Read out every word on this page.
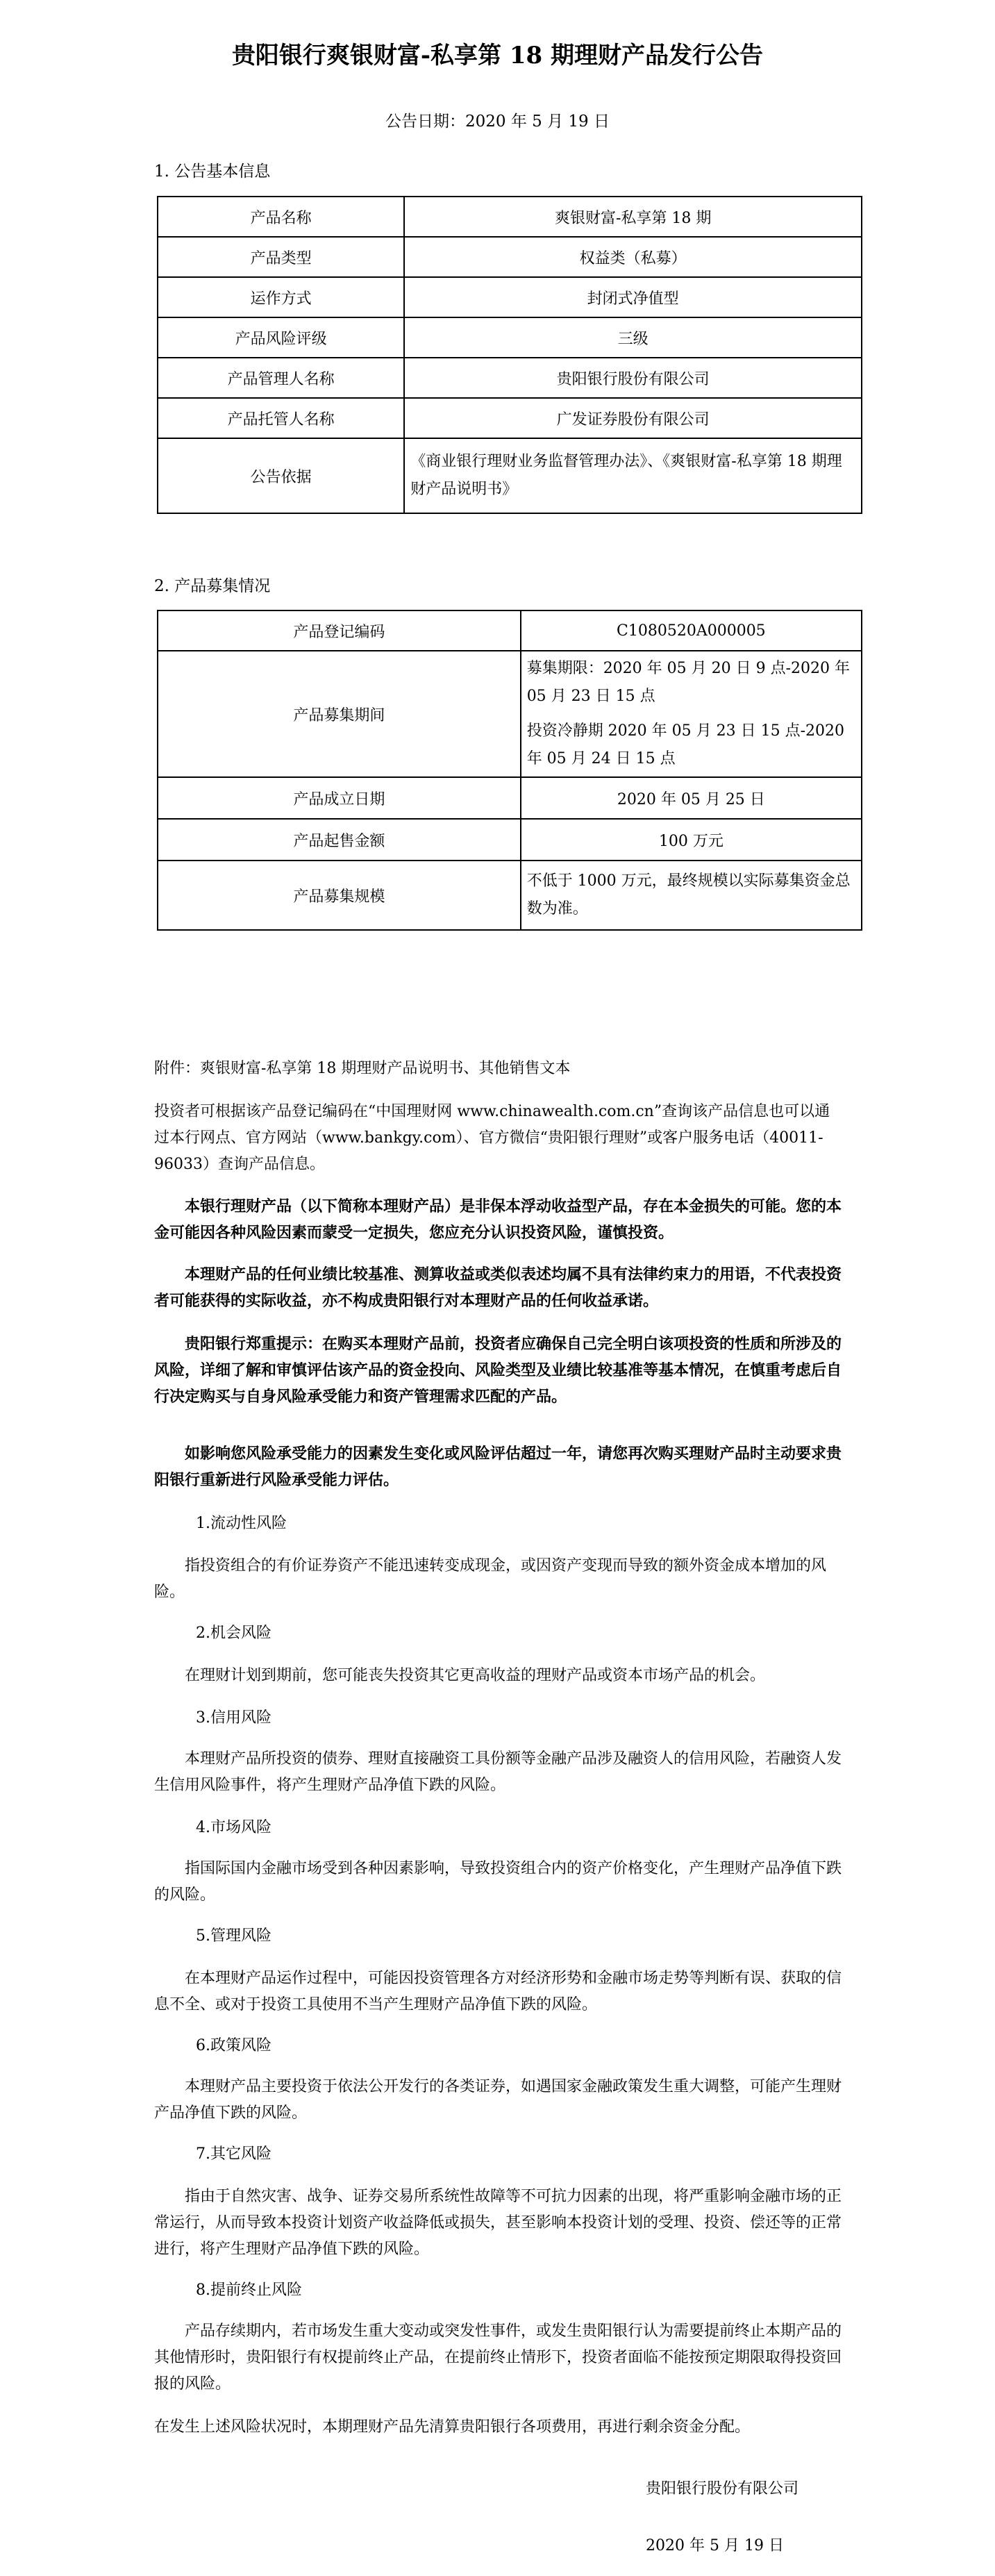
贵阳银行爽银财富-私享第 18 期理财产品发行公告
公告日期：2020 年 5 月 19 日
1. 公告基本信息
产品名称	爽银财富-私享第 18 期
产品类型	权益类（私募）
运作方式	封闭式净值型
产品风险评级	三级
产品管理人名称	贵阳银行股份有限公司
产品托管人名称	广发证券股份有限公司
公告依据	《商业银行理财业务监督管理办法》、《爽银财富-私享第 18 期理财产品说明书》
2. 产品募集情况
产品登记编码	C1080520A000005
产品募集期间	募集期限：2020 年 05 月 20 日 9 点-2020 年 05 月 23 日 15 点
投资冷静期 2020 年 05 月 23 日 15 点-2020 年 05 月 24 日 15 点

产品成立日期	2020 年 05 月 25 日
产品起售金额	100 万元
产品募集规模	不低于 1000 万元，最终规模以实际募集资金总数为准。
附件：爽银财富-私享第 18 期理财产品说明书、其他销售文本
投资者可根据该产品登记编码在“中国理财网 www.chinawealth.com.cn”查询该产品信息也可以通过本行网点、官方网站（www.bankgy.com）、官方微信“贵阳银行理财”或客户服务电话（40011-96033）查询产品信息。
本银行理财产品（以下简称本理财产品）是非保本浮动收益型产品，存在本金损失的可能。您的本金可能因各种风险因素而蒙受一定损失，您应充分认识投资风险，谨慎投资。
本理财产品的任何业绩比较基准、测算收益或类似表述均属不具有法律约束力的用语，不代表投资者可能获得的实际收益，亦不构成贵阳银行对本理财产品的任何收益承诺。
贵阳银行郑重提示：在购买本理财产品前，投资者应确保自己完全明白该项投资的性质和所涉及的风险，详细了解和审慎评估该产品的资金投向、风险类型及业绩比较基准等基本情况，在慎重考虑后自行决定购买与自身风险承受能力和资产管理需求匹配的产品。
如影响您风险承受能力的因素发生变化或风险评估超过一年，请您再次购买理财产品时主动要求贵阳银行重新进行风险承受能力评估。
1.流动性风险
指投资组合的有价证券资产不能迅速转变成现金，或因资产变现而导致的额外资金成本增加的风险。
2.机会风险
在理财计划到期前，您可能丧失投资其它更高收益的理财产品或资本市场产品的机会。
3.信用风险
本理财产品所投资的债券、理财直接融资工具份额等金融产品涉及融资人的信用风险，若融资人发生信用风险事件，将产生理财产品净值下跌的风险。
4.市场风险
指国际国内金融市场受到各种因素影响，导致投资组合内的资产价格变化，产生理财产品净值下跌的风险。
5.管理风险
在本理财产品运作过程中，可能因投资管理各方对经济形势和金融市场走势等判断有误、获取的信息不全、或对于投资工具使用不当产生理财产品净值下跌的风险。
6.政策风险
本理财产品主要投资于依法公开发行的各类证券，如遇国家金融政策发生重大调整，可能产生理财产品净值下跌的风险。
7.其它风险
指由于自然灾害、战争、证券交易所系统性故障等不可抗力因素的出现，将严重影响金融市场的正常运行，从而导致本投资计划资产收益降低或损失，甚至影响本投资计划的受理、投资、偿还等的正常进行，将产生理财产品净值下跌的风险。
8.提前终止风险
产品存续期内，若市场发生重大变动或突发性事件，或发生贵阳银行认为需要提前终止本期产品的其他情形时，贵阳银行有权提前终止产品，在提前终止情形下，投资者面临不能按预定期限取得投资回报的风险。
在发生上述风险状况时，本期理财产品先清算贵阳银行各项费用，再进行剩余资金分配。
贵阳银行股份有限公司
2020 年 5 月 19 日
